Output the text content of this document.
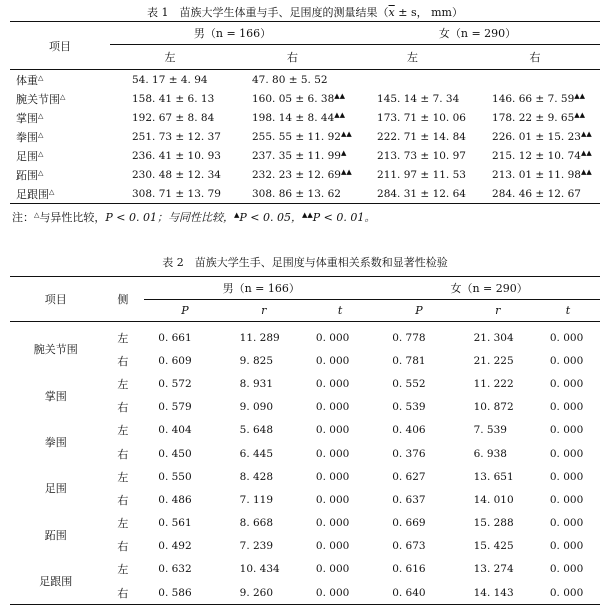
表 1　苗族大学生体重与手、足围度的测量结果（$\overline{x} \pm s$， mm）
项目	男（n = 166）		女（n = 290）	
	左	右	左	右
体重△	54. 17 ± 4. 94	47. 80 ± 5. 52		
腕关节围△	158. 41 ± 6. 13	160. 05 ± 6. 38▲▲	145. 14 ± 7. 34	146. 66 ± 7. 59▲▲
掌围△	192. 67 ± 8. 84	198. 14 ± 8. 44▲▲	173. 71 ± 10. 06	178. 22 ± 9. 65▲▲
拳围△	251. 73 ± 12. 37	255. 55 ± 11. 92▲▲	222. 71 ± 14. 84	226. 01 ± 15. 23▲▲
足围△	236. 41 ± 10. 93	237. 35 ± 11. 99▲	213. 73 ± 10. 97	215. 12 ± 10. 74▲▲
跖围△	230. 48 ± 12. 34	232. 23 ± 12. 69▲▲	211. 97 ± 11. 53	213. 01 ± 11. 98▲▲
足跟围△	308. 71 ± 13. 79	308. 86 ± 13. 62	284. 31 ± 12. 64	284. 46 ± 12. 67
注：△与异性比较，P < 0. 01；与同性比较，▲P < 0. 05，▲▲P < 0. 01。
表 2　苗族大学生手、足围度与体重相关系数和显著性检验
项目	侧	男（n = 166）			女（n = 290）		
		P	r	t	P	r	t
腕关节围	左	0. 661	11. 289	0. 000	0. 778	21. 304	0. 000
	右	0. 609	9. 825	0. 000	0. 781	21. 225	0. 000
掌围	左	0. 572	8. 931	0. 000	0. 552	11. 222	0. 000
	右	0. 579	9. 090	0. 000	0. 539	10. 872	0. 000
拳围	左	0. 404	5. 648	0. 000	0. 406	7. 539	0. 000
	右	0. 450	6. 445	0. 000	0. 376	6. 938	0. 000
足围	左	0. 550	8. 428	0. 000	0. 627	13. 651	0. 000
	右	0. 486	7. 119	0. 000	0. 637	14. 010	0. 000
跖围	左	0. 561	8. 668	0. 000	0. 669	15. 288	0. 000
	右	0. 492	7. 239	0. 000	0. 673	15. 425	0. 000
足跟围	左	0. 632	10. 434	0. 000	0. 616	13. 274	0. 000
	右	0. 586	9. 260	0. 000	0. 640	14. 143	0. 000
